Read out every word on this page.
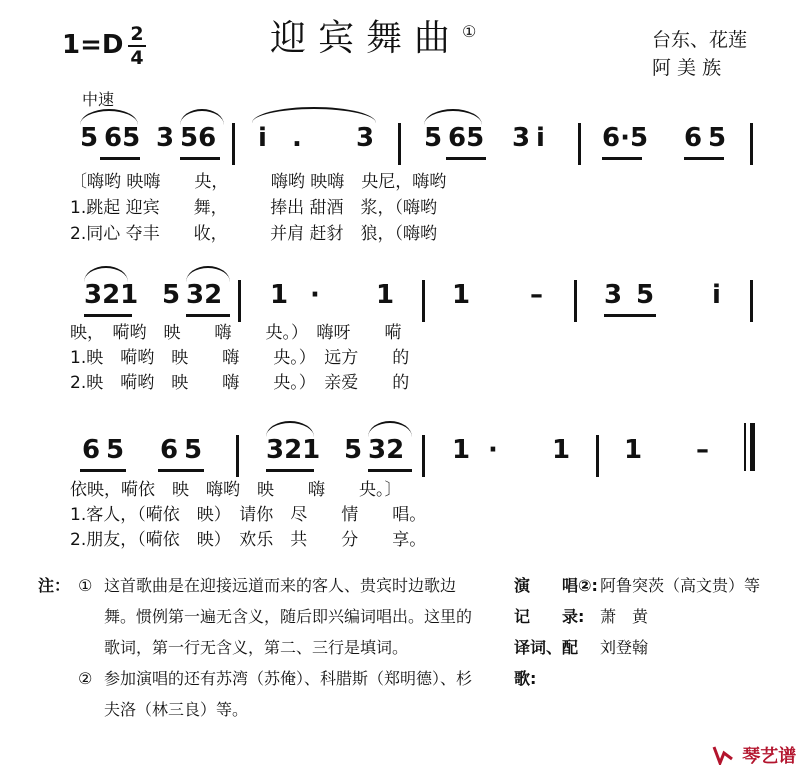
1=D 2
4	迎宾舞曲①	台东、花莲
阿 美 族
中速
5 65 3 56 i . 3 5 65 3 i 6·5 6 5
〔嗨哟 映嗨　　央，　　　嗨哟 映嗨　央尼，嗨哟
1.跳起 迎宾　　舞，　　　捧出 甜酒　浆，（嗨哟
2.同心 夺丰　　收，　　　并肩 赶豺　狼，（嗨哟
321 5 32 1 · 1 1 – 3 5 i
映，　嗬哟　映　　嗨　　央。）　嗨呀　　嗬
1.映　嗬哟　映　　嗨　　央。）　远方　　的
2.映　嗬哟　映　　嗨　　央。）　亲爱　　的
6 5 6 5 321 5 32 1 · 1 1 –
依映，嗬依　映　嗨哟　映　　嗨　　央。〕
1.客人，（嗬依　映）　请你　尽　　情　　唱。
2.朋友，（嗬依　映）　欢乐　共　　分　　享。
注： ① 这首歌曲是在迎接远道而来的客人、贵宾时边歌边舞。惯例第一遍无含义，随后即兴编词唱出。这里的歌词，第一行无含义，第二、三行是填词。
② 参加演唱的还有苏湾（苏俺）、科腊斯（郑明德）、杉夫洛（林三良）等。
演　　唱②: 阿鲁突茨（高文贵）等
记　　录: 萧　黄
译词、配歌:
刘登翰
琴艺谱
